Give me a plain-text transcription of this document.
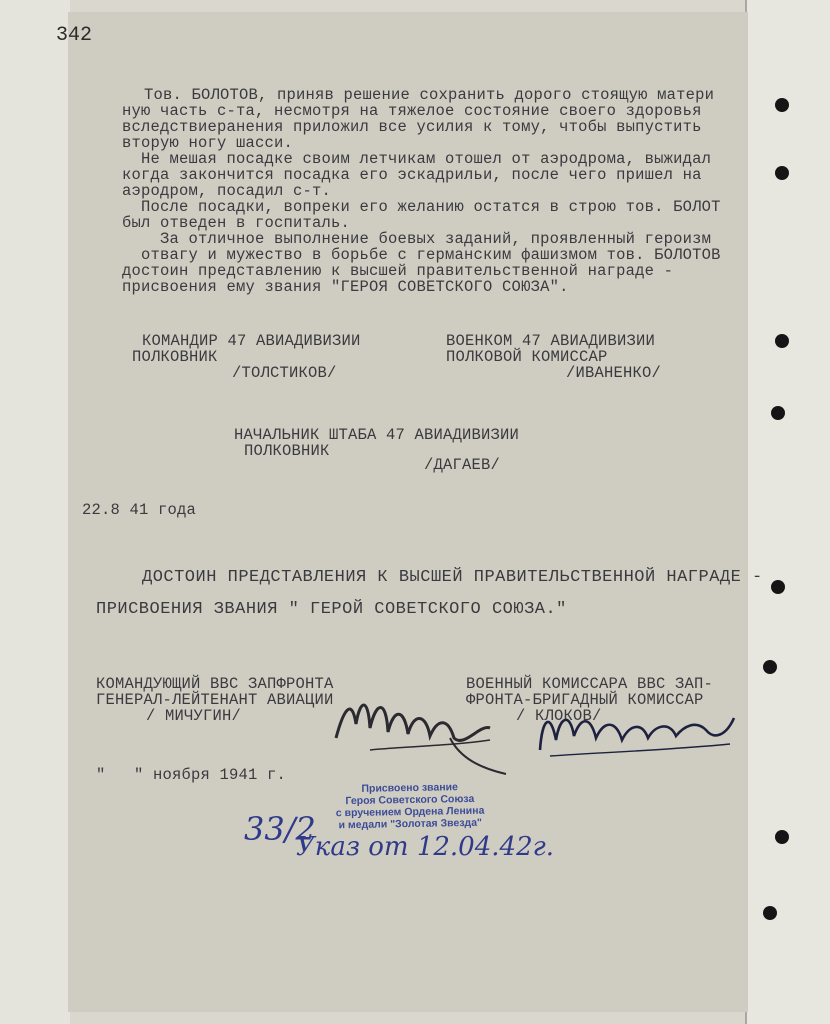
342
Тов. БОЛОТОВ, приняв решение сохранить дорого стоящую матери
ную часть с-та, несмотря на тяжелое состояние своего здоровья
вследствиеранения приложил все усилия к тому, чтобы выпустить
вторую ногу шасси.
Не мешая посадке своим летчикам отошел от аэродрома, выжидал
когда закончится посадка его эскадрильи, после чего пришел на
аэродром, посадил с-т.
После посадки, вопреки его желанию остатся в строю тов. БОЛОТ
был отведен в госпиталь.
За отличное выполнение боевых заданий, проявленный героизм
отвагу и мужество в борьбе с германским фашизмом тов. БОЛОТОВ
достоин представлению к высшей правительственной награде -
присвоения ему звания "ГЕРОЯ СОВЕТСКОГО СОЮЗА".
КОМАНДИР 47 АВИАДИВИЗИИ
ПОЛКОВНИК
/ТОЛСТИКОВ/
ВОЕНКОМ 47 АВИАДИВИЗИИ
ПОЛКОВОЙ КОМИССАР
/ИВАНЕНКО/
НАЧАЛЬНИК ШТАБА 47 АВИАДИВИЗИИ
ПОЛКОВНИК
/ДАГАЕВ/
22.8 41 года
ДОСТОИН ПРЕДСТАВЛЕНИЯ К ВЫСШЕЙ ПРАВИТЕЛЬСТВЕННОЙ НАГРАДЕ -
ПРИСВОЕНИЯ ЗВАНИЯ " ГЕРОЙ СОВЕТСКОГО СОЮЗА."
КОМАНДУЮЩИЙ ВВС ЗАПФРОНТА
ГЕНЕРАЛ-ЛЕЙТЕНАНТ АВИАЦИИ
/ МИЧУГИН/
ВОЕННЫЙ КОМИССАРА ВВС ЗАП-
ФРОНТА-БРИГАДНЫЙ КОМИССАР
/ КЛОКОВ/
"   " ноября 1941 г.
Присвоено звание
Героя Советского Союза
с вручением Ордена Ленина
и медали "Золотая Звезда"
33/2
Указ от 12.04.42г.
